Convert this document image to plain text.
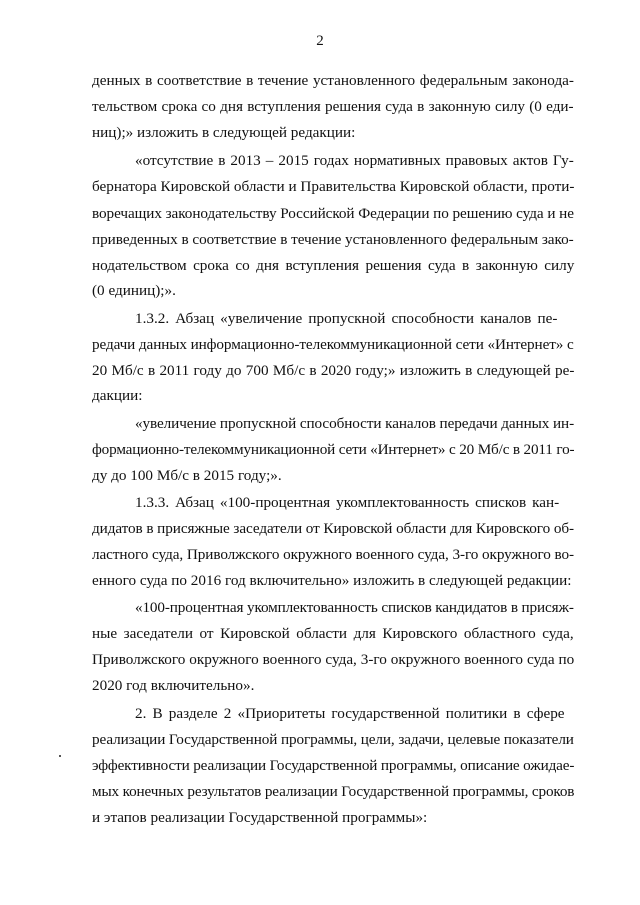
2
денных в соответствие в течение установленного федеральным законода-
тельством срока со дня вступления решения суда в законную силу (0 еди-
ниц);» изложить в следующей редакции:
«отсутствие в 2013 – 2015 годах нормативных правовых актов Гу-
бернатора Кировской области и Правительства Кировской области, проти-
воречащих законодательству Российской Федерации по решению суда и не
приведенных в соответствие в течение установленного федеральным зако-
нодательством срока со дня вступления решения суда в законную силу
(0 единиц);».
1.3.2. Абзац «увеличение пропускной способности каналов пе-
редачи данных информационно-телекоммуникационной сети «Интернет» с
20 Мб/с в 2011 году до 700 Мб/с в 2020 году;» изложить в следующей ре-
дакции:
«увеличение пропускной способности каналов передачи данных ин-
формационно-телекоммуникационной сети «Интернет» с 20 Мб/с в 2011 го-
ду до 100 Мб/с в 2015 году;».
1.3.3. Абзац «100-процентная укомплектованность списков кан-
дидатов в присяжные заседатели от Кировской области для Кировского об-
ластного суда, Приволжского окружного военного суда, 3-го окружного во-
енного суда по 2016 год включительно» изложить в следующей редакции:
«100-процентная укомплектованность списков кандидатов в присяж-
ные заседатели от Кировской области для Кировского областного суда,
Приволжского окружного военного суда, 3-го окружного военного суда по
2020 год включительно».
2. В разделе 2 «Приоритеты государственной политики в сфере
реализации Государственной программы, цели, задачи, целевые показатели
эффективности реализации Государственной программы, описание ожидае-
мых конечных результатов реализации Государственной программы, сроков
и этапов реализации Государственной программы»:
